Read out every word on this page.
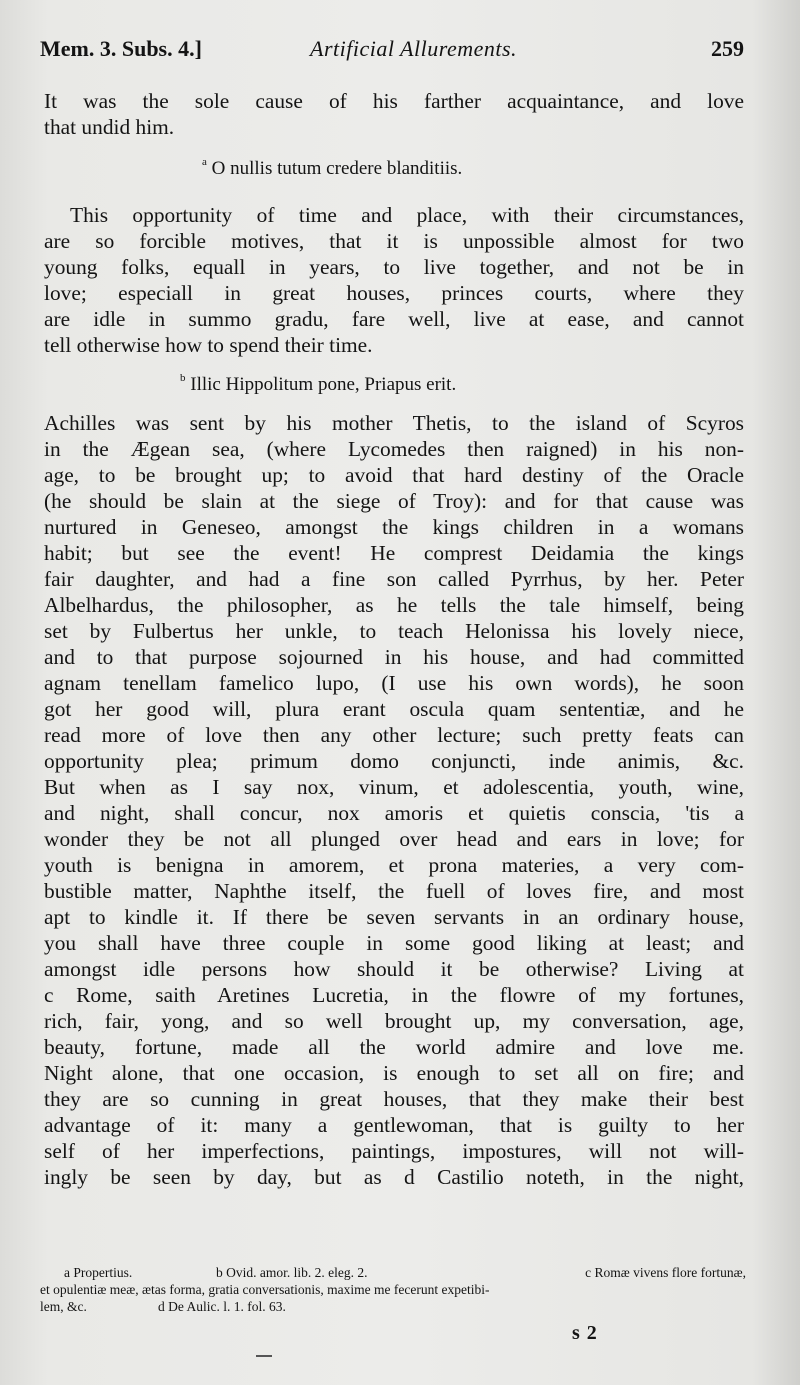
Mem. 3. Subs. 4.]	Artificial Allurements.	259
It was the sole cause of his farther acquaintance, and love
that undid him.
$^a$ O nullis tutum credere blanditiis.
This opportunity of time and place, with their circumstances,
are so forcible motives, that it is unpossible almost for two
young folks, equall in years, to live together, and not be in
love; especiall in great houses, princes courts, where they
are idle in summo gradu, fare well, live at ease, and cannot
tell otherwise how to spend their time.
$^b$ Illic Hippolitum pone, Priapus erit.
Achilles was sent by his mother Thetis, to the island of Scyros
in the Ægean sea, (where Lycomedes then raigned) in his non-
age, to be brought up; to avoid that hard destiny of the Oracle
(he should be slain at the siege of Troy): and for that cause was
nurtured in Geneseo, amongst the kings children in a womans
habit; but see the event! He comprest Deidamia the kings
fair daughter, and had a fine son called Pyrrhus, by her. Peter
Albelhardus, the philosopher, as he tells the tale himself, being
set by Fulbertus her unkle, to teach Helonissa his lovely niece,
and to that purpose sojourned in his house, and had committed
agnam tenellam famelico lupo, (I use his own words), he soon
got her good will, plura erant oscula quam sententiæ, and he
read more of love then any other lecture; such pretty feats can
opportunity plea; primum domo conjuncti, inde animis, &c.
But when as I say nox, vinum, et adolescentia, youth, wine,
and night, shall concur, nox amoris et quietis conscia, 'tis a
wonder they be not all plunged over head and ears in love; for
youth is benigna in amorem, et prona materies, a very com-
bustible matter, Naphthe itself, the fuell of loves fire, and most
apt to kindle it. If there be seven servants in an ordinary house,
you shall have three couple in some good liking at least; and
amongst idle persons how should it be otherwise? Living at
c Rome, saith Aretines Lucretia, in the flowre of my fortunes,
rich, fair, yong, and so well brought up, my conversation, age,
beauty, fortune, made all the world admire and love me.
Night alone, that one occasion, is enough to set all on fire; and
they are so cunning in great houses, that they make their best
advantage of it: many a gentlewoman, that is guilty to her
self of her imperfections, paintings, impostures, will not will-
ingly be seen by day, but as d Castilio noteth, in the night,
a Propertius.	b Ovid. amor. lib. 2. eleg. 2.	c Romæ vivens flore fortunæ,
et opulentiæ meæ, ætas forma, gratia conversationis, maxime me fecerunt expetibi-
lem, &c.	d De Aulic. l. 1. fol. 63.
s 2
